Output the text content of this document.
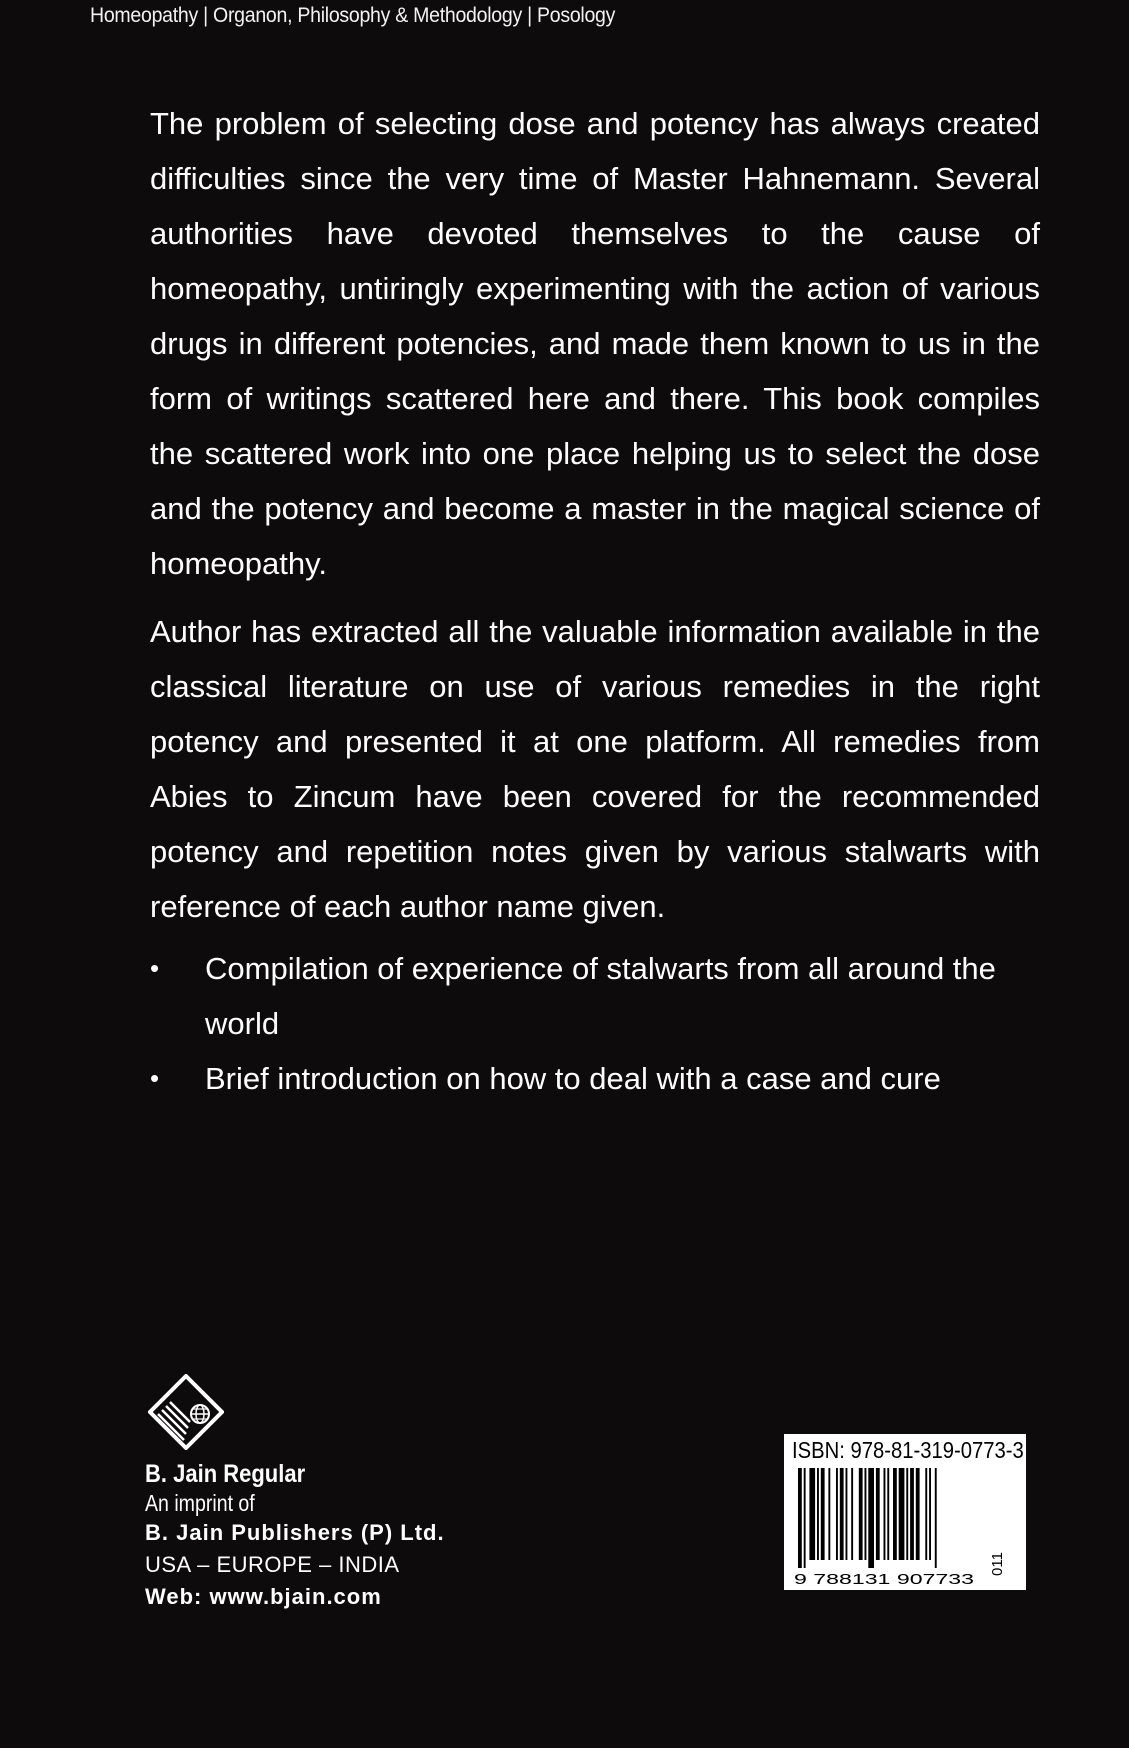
Homeopathy | Organon, Philosophy & Methodology | Posology

The problem of selecting dose and potency has always created difficulties since the very time of Master Hahnemann. Several authorities have devoted themselves to the cause of homeopathy, untiringly experimenting with the action of various drugs in different potencies, and made them known to us in the form of writings scattered here and there. This book compiles the scattered work into one place helping us to select the dose and the potency and become a master in the magical science of homeopathy.

Author has extracted all the valuable information available in the classical literature on use of various remedies in the right potency and presented it at one platform. All remedies from Abies to Zincum have been covered for the recommended potency and repetition notes given by various stalwarts with reference of each author name given.

• Compilation of experience of stalwarts from all around the world
• Brief introduction on how to deal with a case and cure
B. Jain Regular
An imprint of
B. Jain Publishers (P) Ltd.
USA – EUROPE – INDIA
Web: www.bjain.com
ISBN: 978-81-319-0773-3
9 788131 907733
011
